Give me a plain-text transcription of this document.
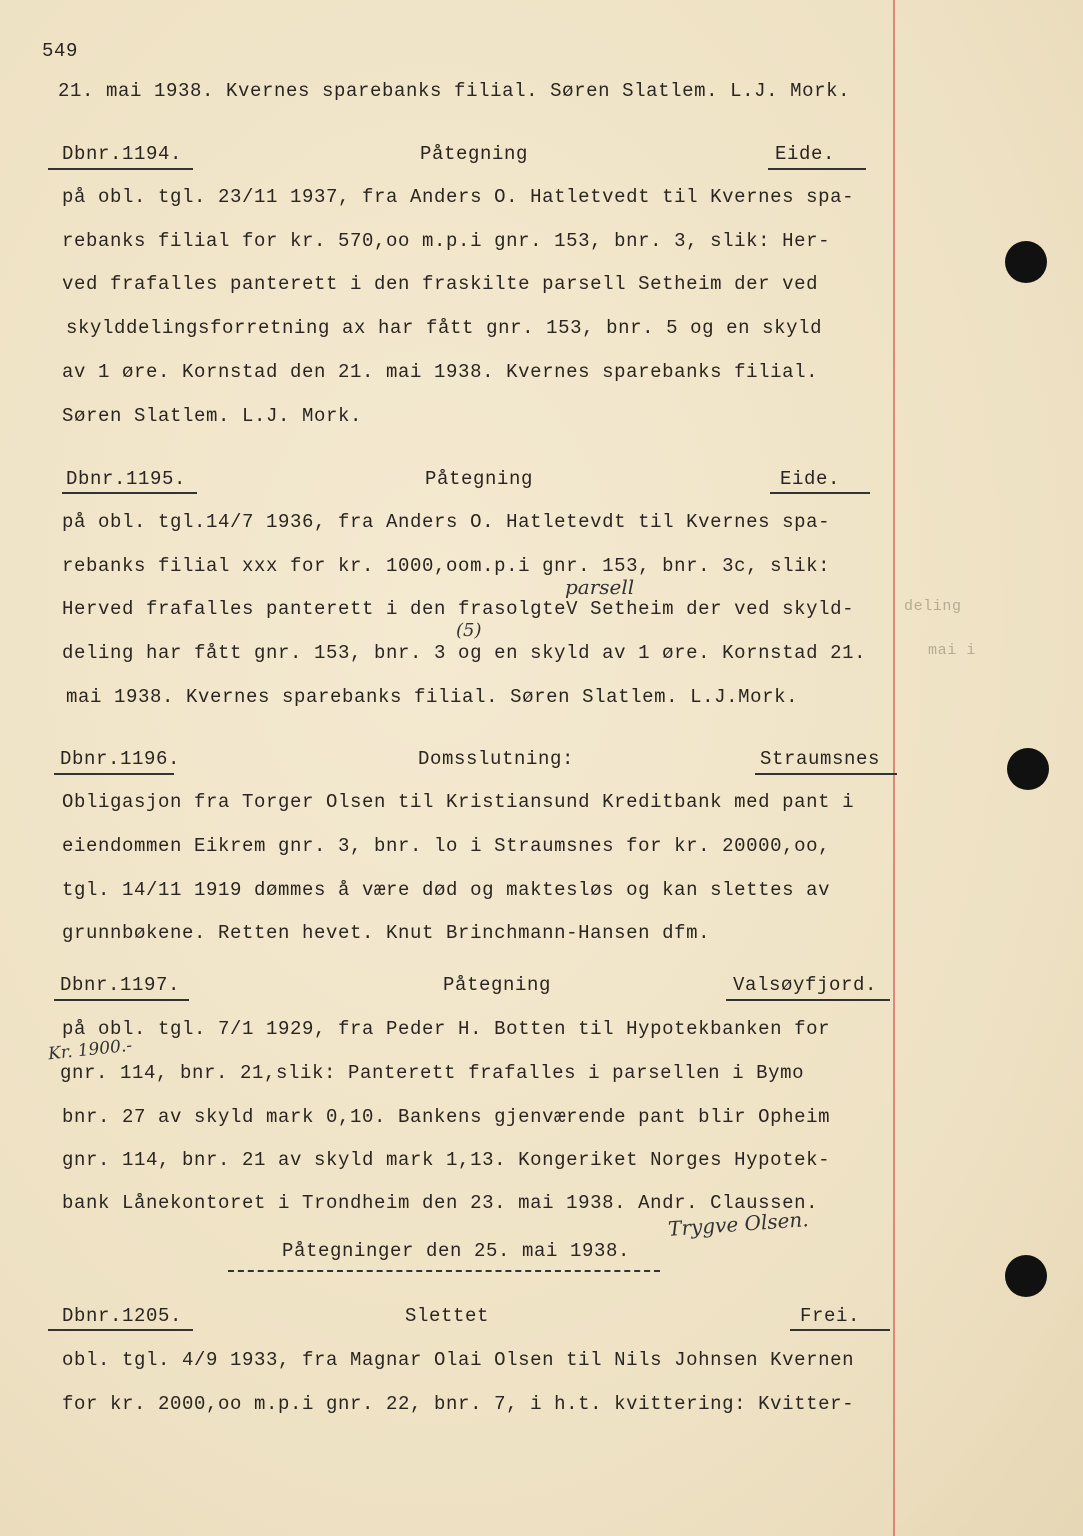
549
21. mai 1938. Kvernes sparebanks filial. Søren Slatlem. L.J. Mork.
Dbnr.1194.	Påtegning	Eide.
på obl. tgl. 23/11 1937, fra Anders O. Hatletvedt til Kvernes spa-
rebanks filial for kr. 570,oo m.p.i gnr. 153, bnr. 3, slik: Her-
ved frafalles panterett i den fraskilte parsell Setheim der ved
skylddelingsforretning ax har fått gnr. 153, bnr. 5 og en skyld
av 1 øre. Kornstad den 21. mai 1938. Kvernes sparebanks filial.
Søren Slatlem. L.J. Mork.
Dbnr.1195.	Påtegning	Eide.
på obl. tgl.14/7 1936, fra Anders O. Hatletevdt til Kvernes spa-
rebanks filial xxx for kr. 1000,oom.p.i gnr. 153, bnr. 3c, slik:
parsell
Herved frafalles panterett i den frasolgteV Setheim der ved skyld-	deling
(5)
deling har fått gnr. 153, bnr. 3 og en skyld av 1 øre. Kornstad 21.	mai i
mai 1938. Kvernes sparebanks filial. Søren Slatlem. L.J.Mork.
Dbnr.1196.	Domsslutning:	Straumsnes
Obligasjon fra Torger Olsen til Kristiansund Kreditbank med pant i
eiendommen Eikrem gnr. 3, bnr. lo i Straumsnes for kr. 20000,oo,
tgl. 14/11 1919 dømmes å være død og maktesløs og kan slettes av
grunnbøkene. Retten hevet. Knut Brinchmann-Hansen dfm.
Dbnr.1197.	Påtegning	Valsøyfjord.
på obl. tgl. 7/1 1929, fra Peder H. Botten til Hypotekbanken for
Kr. 1900.-
gnr. 114, bnr. 21,slik: Panterett frafalles i parsellen i Bymo
bnr. 27 av skyld mark 0,10. Bankens gjenværende pant blir Opheim
gnr. 114, bnr. 21 av skyld mark 1,13. Kongeriket Norges Hypotek-
bank Lånekontoret i Trondheim den 23. mai 1938. Andr. Claussen.
Trygve Olsen.
Påtegninger den 25. mai 1938.
Dbnr.1205.	Slettet	Frei.
obl. tgl. 4/9 1933, fra Magnar Olai Olsen til Nils Johnsen Kvernen
for kr. 2000,oo m.p.i gnr. 22, bnr. 7, i h.t. kvittering: Kvitter-
